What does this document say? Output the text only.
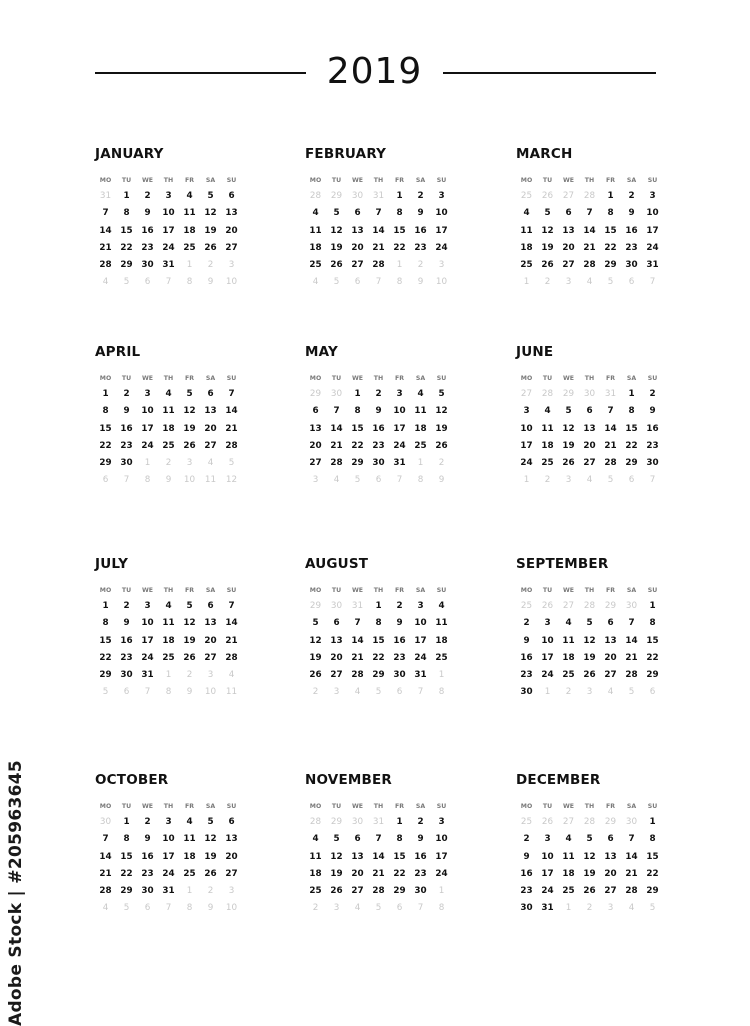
2019
JANUARY
MO	TU	WE	TH	FR	SA	SU
31	1	2	3	4	5	6
7	8	9	10 11 12 13
14 15 16 17 18 19 20
21 22 23 24 25 26 27
28 29 30 31	1	2	3
4	5	6	7	8	9	10
FEBRUARY
MO	TU	WE	TH	FR	SA	SU
28	29	30	31	1	2	3
4	5	6	7	8	9	10
11 12 13 14 15 16 17
18 19 20 21 22 23 24
25 26 27 28	1	2	3
4	5	6	7	8	9	10
MARCH
MO	TU	WE	TH	FR	SA	SU
25	26	27	28	1	2	3
4	5	6	7	8	9	10
11 12 13 14 15 16 17
18 19 20 21 22 23 24
25 26 27 28 29 30 31
1	2	3	4	5	6	7
APRIL
MO	TU	WE	TH	FR	SA	SU
1	2	3	4	5	6	7
8	9	10 11 12 13 14
15 16 17 18 19 20 21
22 23 24 25 26 27 28
29 30	1	2	3	4	5
6	7	8	9	10	11	12
MAY
MO	TU	WE	TH	FR	SA	SU
29	30	1	2	3	4	5
6	7	8	9	10 11 12
13 14 15 16 17 18 19
20 21 22 23 24 25 26
27 28 29 30 31	1	2
3	4	5	6	7	8	9
JUNE
MO	TU	WE	TH	FR	SA	SU
27	28	29	30	31	1	2
3	4	5	6	7	8	9
10 11 12 13 14 15 16
17 18 19 20 21 22 23
24 25 26 27 28 29 30
1	2	3	4	5	6	7
JULY
MO	TU	WE	TH	FR	SA	SU
1	2	3	4	5	6	7
8	9	10 11 12 13 14
15 16 17 18 19 20 21
22 23 24 25 26 27 28
29 30 31	1	2	3	4
5	6	7	8	9	10	11
AUGUST
MO	TU	WE	TH	FR	SA	SU
29	30	31	1	2	3	4
5	6	7	8	9	10 11
12 13 14 15 16 17 18
19 20 21 22 23 24 25
26 27 28 29 30 31	1
2	3	4	5	6	7	8
SEPTEMBER
MO	TU	WE	TH	FR	SA	SU
25	26	27	28	29	30	1
2	3	4	5	6	7	8
9	10 11 12 13 14 15
16 17 18 19 20 21 22
23 24 25 26 27 28 29
30	1	2	3	4	5	6
OCTOBER
MO	TU	WE	TH	FR	SA	SU
30	1	2	3	4	5	6
7	8	9	10 11 12 13
14 15 16 17 18 19 20
21 22 23 24 25 26 27
28 29 30 31	1	2	3
4	5	6	7	8	9	10
NOVEMBER
MO	TU	WE	TH	FR	SA	SU
28	29	30	31	1	2	3
4	5	6	7	8	9	10
11 12 13 14 15 16 17
18 19 20 21 22 23 24
25 26 27 28 29 30	1
2	3	4	5	6	7	8
DECEMBER
MO	TU	WE	TH	FR	SA	SU
25	26	27	28	29	30	1
2	3	4	5	6	7	8
9	10 11 12 13 14 15
16 17 18 19 20 21 22
23 24 25 26 27 28 29
30 31	1	2	3	4	5
Adobe Stock | #205963645
